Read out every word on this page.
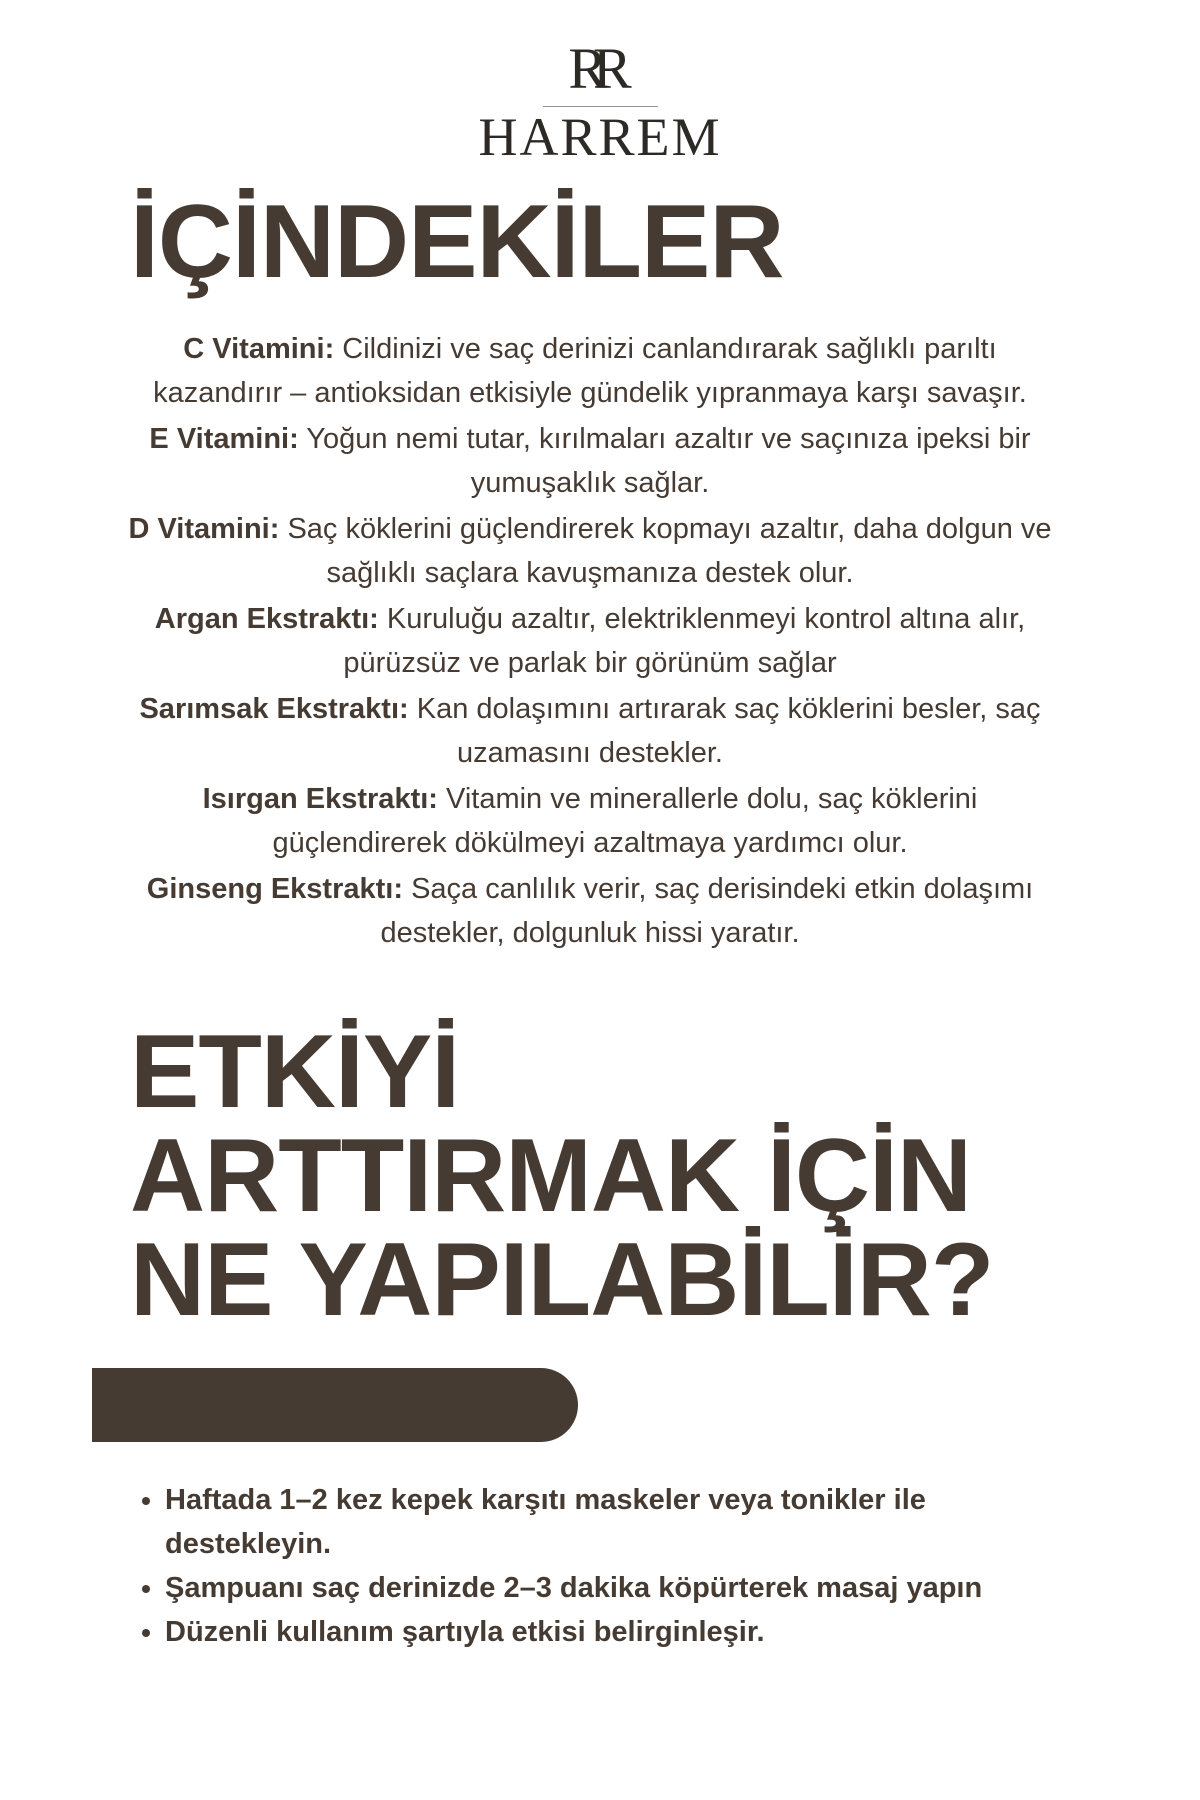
RR
HARREM
İÇİNDEKİLER

C Vitamini: Cildinizi ve saç derinizi canlandırarak sağlıklı parıltı kazandırır – antioksidan etkisiyle gündelik yıpranmaya karşı savaşır.

E Vitamini: Yoğun nemi tutar, kırılmaları azaltır ve saçınıza ipeksi bir yumuşaklık sağlar.

D Vitamini: Saç köklerini güçlendirerek kopmayı azaltır, daha dolgun ve sağlıklı saçlara kavuşmanıza destek olur.

Argan Ekstraktı: Kuruluğu azaltır, elektriklenmeyi kontrol altına alır, pürüzsüz ve parlak bir görünüm sağlar

Sarımsak Ekstraktı: Kan dolaşımını artırarak saç köklerini besler, saç uzamasını destekler.

Isırgan Ekstraktı: Vitamin ve minerallerle dolu, saç köklerini güçlendirerek dökülmeyi azaltmaya yardımcı olur.

Ginseng Ekstraktı: Saça canlılık verir, saç derisindeki etkin dolaşımı destekler, dolgunluk hissi yaratır.

ETKİYİ
ARTTIRMAK İÇİN
NE YAPILABİLİR?
• Haftada 1–2 kez kepek karşıtı maskeler veya tonikler ile destekleyin.
• Şampuanı saç derinizde 2–3 dakika köpürterek masaj yapın
• Düzenli kullanım şartıyla etkisi belirginleşir.
